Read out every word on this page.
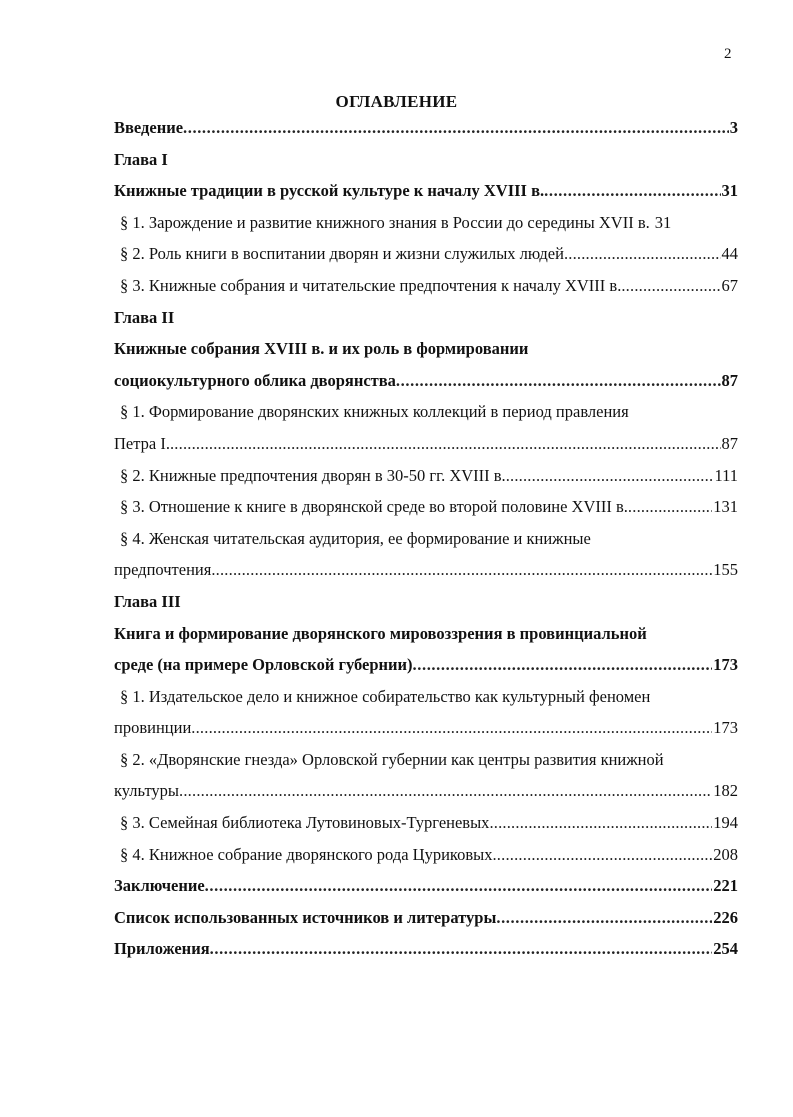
2
ОГЛАВЛЕНИЕ
Введение .....	3
Глава I
Книжные традиции в русской культуре к началу XVIII в. .....	31
§ 1. Зарождение и развитие книжного знания в России до середины XVII в. 31
§ 2. Роль книги в воспитании дворян и жизни служилых людей .....	44
§ 3. Книжные собрания и читательские предпочтения к началу XVIII в. .....	67
Глава II
Книжные собрания XVIII в. и их роль в формировании
социокультурного облика дворянства .....	87
§ 1. Формирование дворянских книжных коллекций в период правления
Петра I. .....	87
§ 2. Книжные предпочтения дворян в 30-50 гг. XVIII в. .....	111
§ 3. Отношение к книге в дворянской среде во второй половине XVIII в. .....	131
§ 4. Женская читательская аудитория, ее формирование и книжные
предпочтения .....	155
Глава III
Книга и формирование дворянского мировоззрения в провинциальной
среде (на примере Орловской губернии) .....	173
§ 1. Издательское дело и книжное собирательство как культурный феномен
провинции .....	173
§ 2. «Дворянские гнезда» Орловской губернии как центры развития книжной
культуры .....	182
§ 3. Семейная библиотека Лутовиновых-Тургеневых .....	194
§ 4. Книжное собрание дворянского рода Цуриковых .....	208
Заключение .....	221
Список использованных источников и литературы .....	226
Приложения .....	254
